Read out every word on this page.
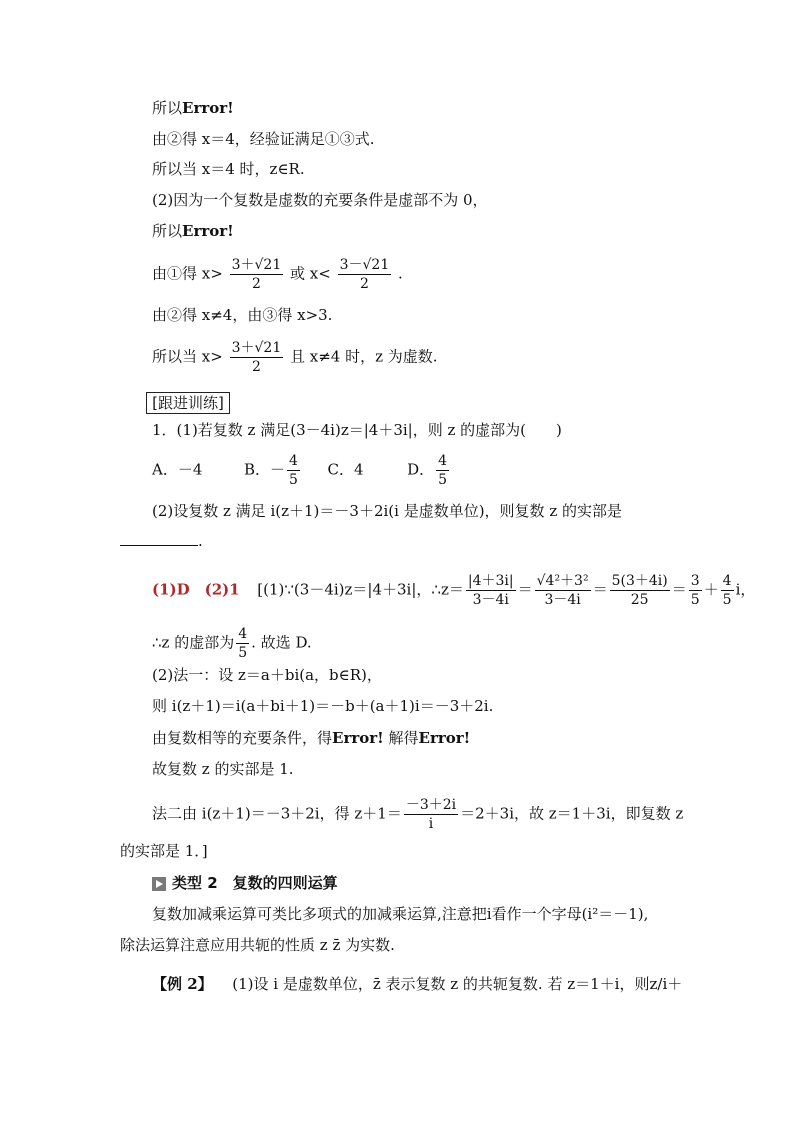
所以Error!
由②得 x＝4，经验证满足①③式.
所以当 x＝4 时，z∈R.
(2)因为一个复数是虚数的充要条件是虚部不为 0，
所以Error!
由①得 $x> \frac{3+√21}{2}$ 或 $x< \frac{3-√21}{2}$ .
由②得 x≠4，由③得 x>3.
所以当 $x> \frac{3+√21}{2}$ 且 x≠4 时，z 为虚数.
[跟进训练]
1．(1)若复数 z 满足(3－4i)z＝|4＋3i|，则 z 的虚部为(　　)
A．－4	B．－ $\frac{4}{5}$ C．4	D． $\frac{4}{5}$
(2)设复数 z 满足 i(z＋1)＝－3＋2i(i 是虚数单位)，则复数 z 的实部是
.
(1)D　(2)1 [(1)∵(3－4i)z＝|4＋3i|，∴z＝ $\frac{|4+3i|}{3-4i} = \frac{\text{√4²＋3²}}{3-4i} = \frac{5(3+4i)}{25} = \frac{3}{5} + \frac{4}{5}$ i，
∴z 的虚部为 $\frac{4}{5}$ . 故选 D.
(2)法一：设 z＝a＋bi(a，b∈R)，
则 i(z＋1)＝i(a＋bi＋1)＝－b＋(a＋1)i＝－3＋2i.
由复数相等的充要条件，得Error! 解得Error!
故复数 z 的实部是 1.
法二由 i(z＋1)＝－3＋2i，得 $z+1= \frac{-3+2i}{i} =2+3i$，故 z＝1＋3i，即复数 z
的实部是 1．]
类型 2　复数的四则运算
复数加减乘运算可类比多项式的加减乘运算,注意把i看作一个字母(i²＝－1),
除法运算注意应用共轭的性质 z z̄ 为实数.
【例 2】 (1)设 i 是虚数单位，z̄ 表示复数 z 的共轭复数. 若 z＝1＋i，则z/i＋
